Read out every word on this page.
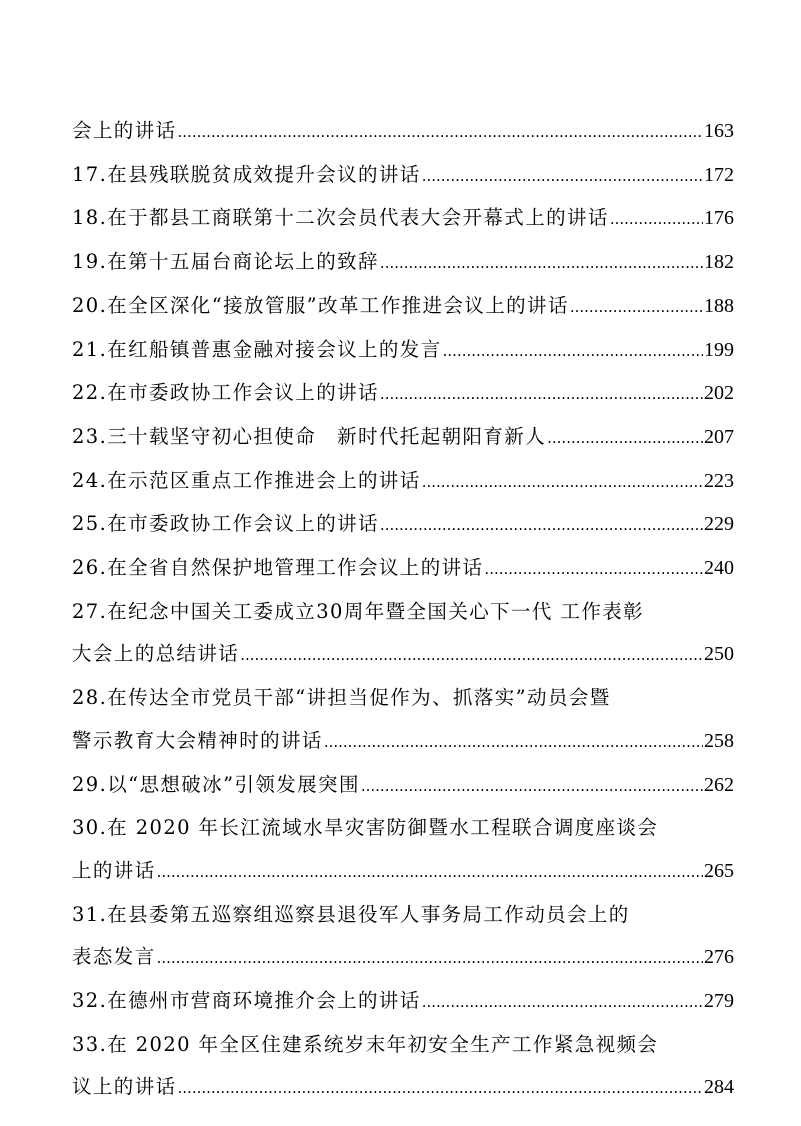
会上的讲话 .....	163
17.在县残联脱贫成效提升会议的讲话 .....	172
18.在于都县工商联第十二次会员代表大会开幕式上的讲话 .....	176
19.在第十五届台商论坛上的致辞 .....	182
20.在全区深化“接放管服”改革工作推进会议上的讲话 .....	188
21.在红船镇普惠金融对接会议上的发言 .....	199
22.在市委政协工作会议上的讲话 .....	202
23.三十载坚守初心担使命　新时代托起朝阳育新人 .....	207
24.在示范区重点工作推进会上的讲话 .....	223
25.在市委政协工作会议上的讲话 .....	229
26.在全省自然保护地管理工作会议上的讲话 .....	240
27.在纪念中国关工委成立30周年暨全国关心下一代 工作表彰
大会上的总结讲话 .....	250
28.在传达全市党员干部“讲担当促作为、抓落实”动员会暨
警示教育大会精神时的讲话 .....	258
29.以“思想破冰”引领发展突围 .....	262
30.在 2020 年长江流域水旱灾害防御暨水工程联合调度座谈会
上的讲话 .....	265
31.在县委第五巡察组巡察县退役军人事务局工作动员会上的
表态发言 .....	276
32.在德州市营商环境推介会上的讲话 .....	279
33.在 2020 年全区住建系统岁末年初安全生产工作紧急视频会
议上的讲话 .....	284
